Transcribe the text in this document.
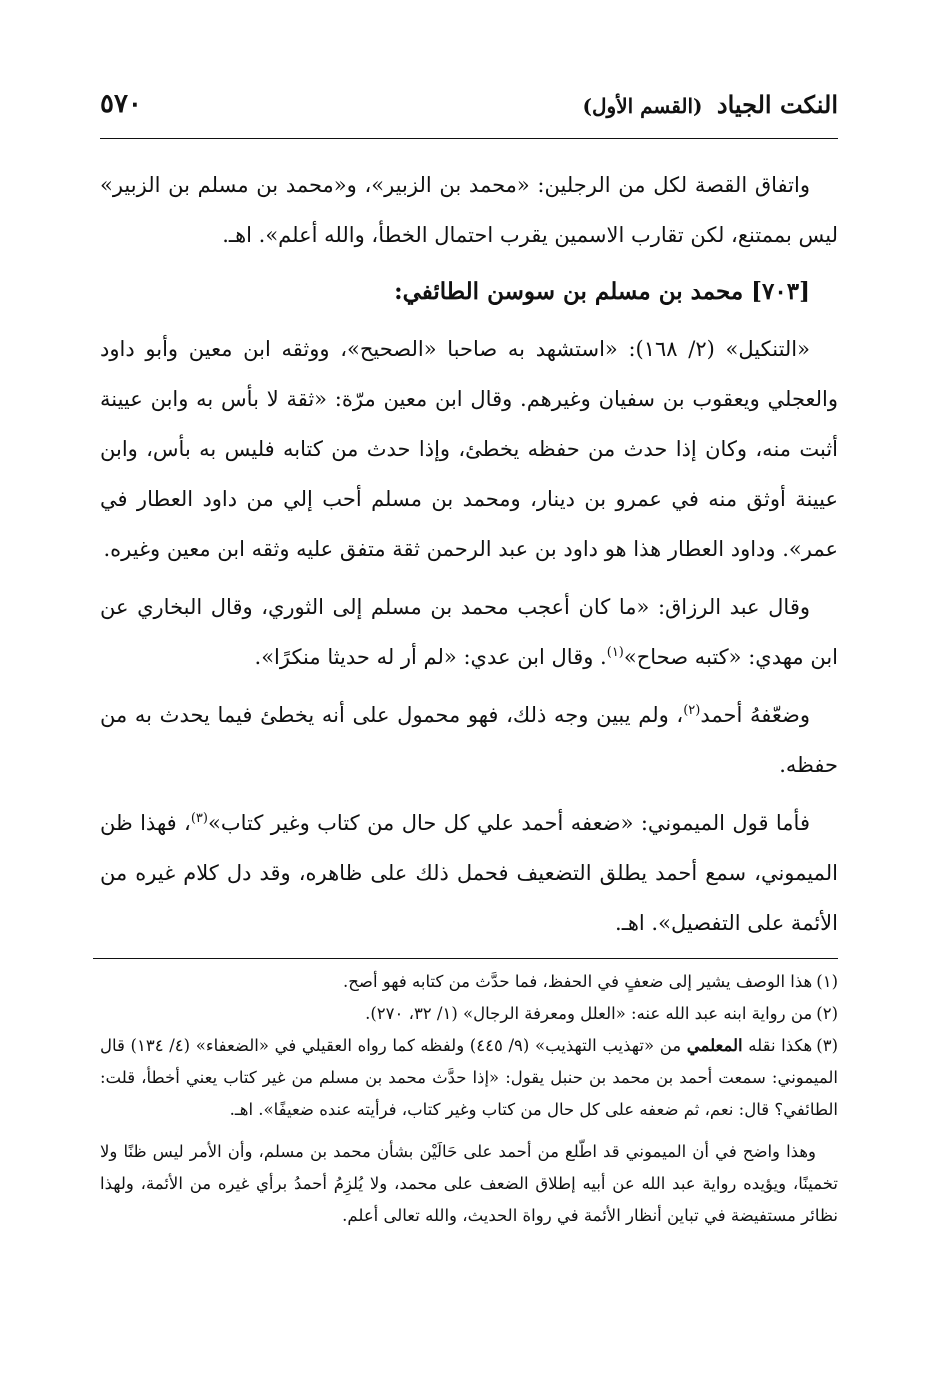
النكت الجياد (القسم الأول)
٥٧٠

واتفاق القصة لكل من الرجلين: «محمد بن الزبير»، و«محمد بن مسلم بن الزبير» ليس بممتنع، لكن تقارب الاسمين يقرب احتمال الخطأ، والله أعلم». اهـ.

[٧٠٣] محمد بن مسلم بن سوسن الطائفي:

«التنكيل» (٢/ ١٦٨): «استشهد به صاحبا «الصحيح»، ووثقه ابن معين وأبو داود والعجلي ويعقوب بن سفيان وغيرهم. وقال ابن معين مرّة: «ثقة لا بأس به وابن عيينة أثبت منه، وكان إذا حدث من حفظه يخطئ، وإذا حدث من كتابه فليس به بأس، وابن عيينة أوثق منه في عمرو بن دينار، ومحمد بن مسلم أحب إلي من داود العطار في عمر». وداود العطار هذا هو داود بن عبد الرحمن ثقة متفق عليه وثقه ابن معين وغيره.

وقال عبد الرزاق: «ما كان أعجب محمد بن مسلم إلى الثوري، وقال البخاري عن ابن مهدي: «كتبه صحاح»$^{(١)}$. وقال ابن عدي: «لم أر له حديثا منكرًا».

وضعّفهُ أحمد$^{(٢)}$، ولم يبين وجه ذلك، فهو محمول على أنه يخطئ فيما يحدث به من حفظه.

فأما قول الميموني: «ضعفه أحمد علي كل حال من كتاب وغير كتاب»$^{(٣)}$، فهذا ظن الميموني، سمع أحمد يطلق التضعيف فحمل ذلك على ظاهره، وقد دل كلام غيره من الأئمة على التفصيل». اهـ.

(١)هذا الوصف يشير إلى ضعفٍ في الحفظ، فما حدَّث من كتابه فهو أصح.

(٢)من رواية ابنه عبد الله عنه: «العلل ومعرفة الرجال» (١/ ٣٢، ٢٧٠).

(٣)هكذا نقله المعلمي من «تهذيب التهذيب» (٩/ ٤٤٥) ولفظه كما رواه العقيلي في «الضعفاء» (٤/ ١٣٤) قال الميموني: سمعت أحمد بن محمد بن حنبل يقول: «إذا حدَّث محمد بن مسلم من غير كتاب يعني أخطأ، قلت: الطائفي؟ قال: نعم، ثم ضعفه على كل حال من كتاب وغير كتاب، فرأيته عنده ضعيفًا». اهـ.

وهذا واضح في أن الميموني قد اطّلع من أحمد على حَالَيْن بشأن محمد بن مسلم، وأن الأمر ليس ظنًا ولا تخمينًا، ويؤيده رواية عبد الله عن أبيه إطلاق الضعف على محمد، ولا يُلزِمُ أحمدُ برأي غيره من الأئمة، ولهذا نظائر مستفيضة في تباين أنظار الأئمة في رواة الحديث، والله تعالى أعلم.
